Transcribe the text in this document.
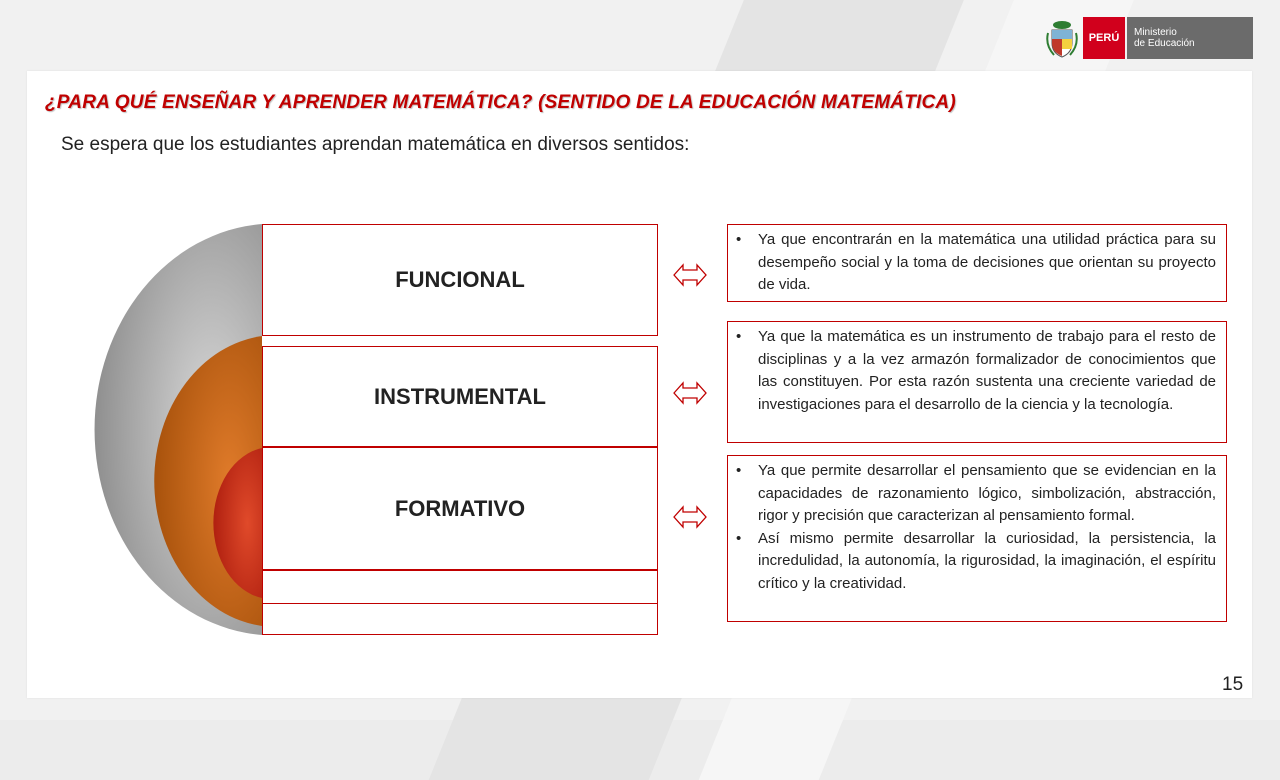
PERÚ	Ministerio
de Educación
¿PARA QUÉ ENSEÑAR Y APRENDER MATEMÁTICA? (SENTIDO DE LA EDUCACIÓN MATEMÁTICA)

Se espera que los estudiantes aprendan matemática en diversos sentidos:

FUNCIONAL
INSTRUMENTAL
FORMATIVO
• Ya que encontrarán en la matemática una utilidad práctica para su desempeño social y la toma de decisiones que orientan su proyecto de vida.
• Ya que la matemática es un instrumento de trabajo para el resto de disciplinas y a la vez armazón formalizador de conocimientos que las constituyen. Por esta razón sustenta una creciente variedad de investigaciones para el desarrollo de la ciencia y la tecnología.
• Ya que permite desarrollar el pensamiento que se evidencian en la capacidades de razonamiento lógico, simbolización, abstracción, rigor y precisión que caracterizan al pensamiento formal.
• Así mismo permite desarrollar la curiosidad, la persistencia, la incredulidad, la autonomía, la rigurosidad, la imaginación, el espíritu crítico y la creatividad.
15
